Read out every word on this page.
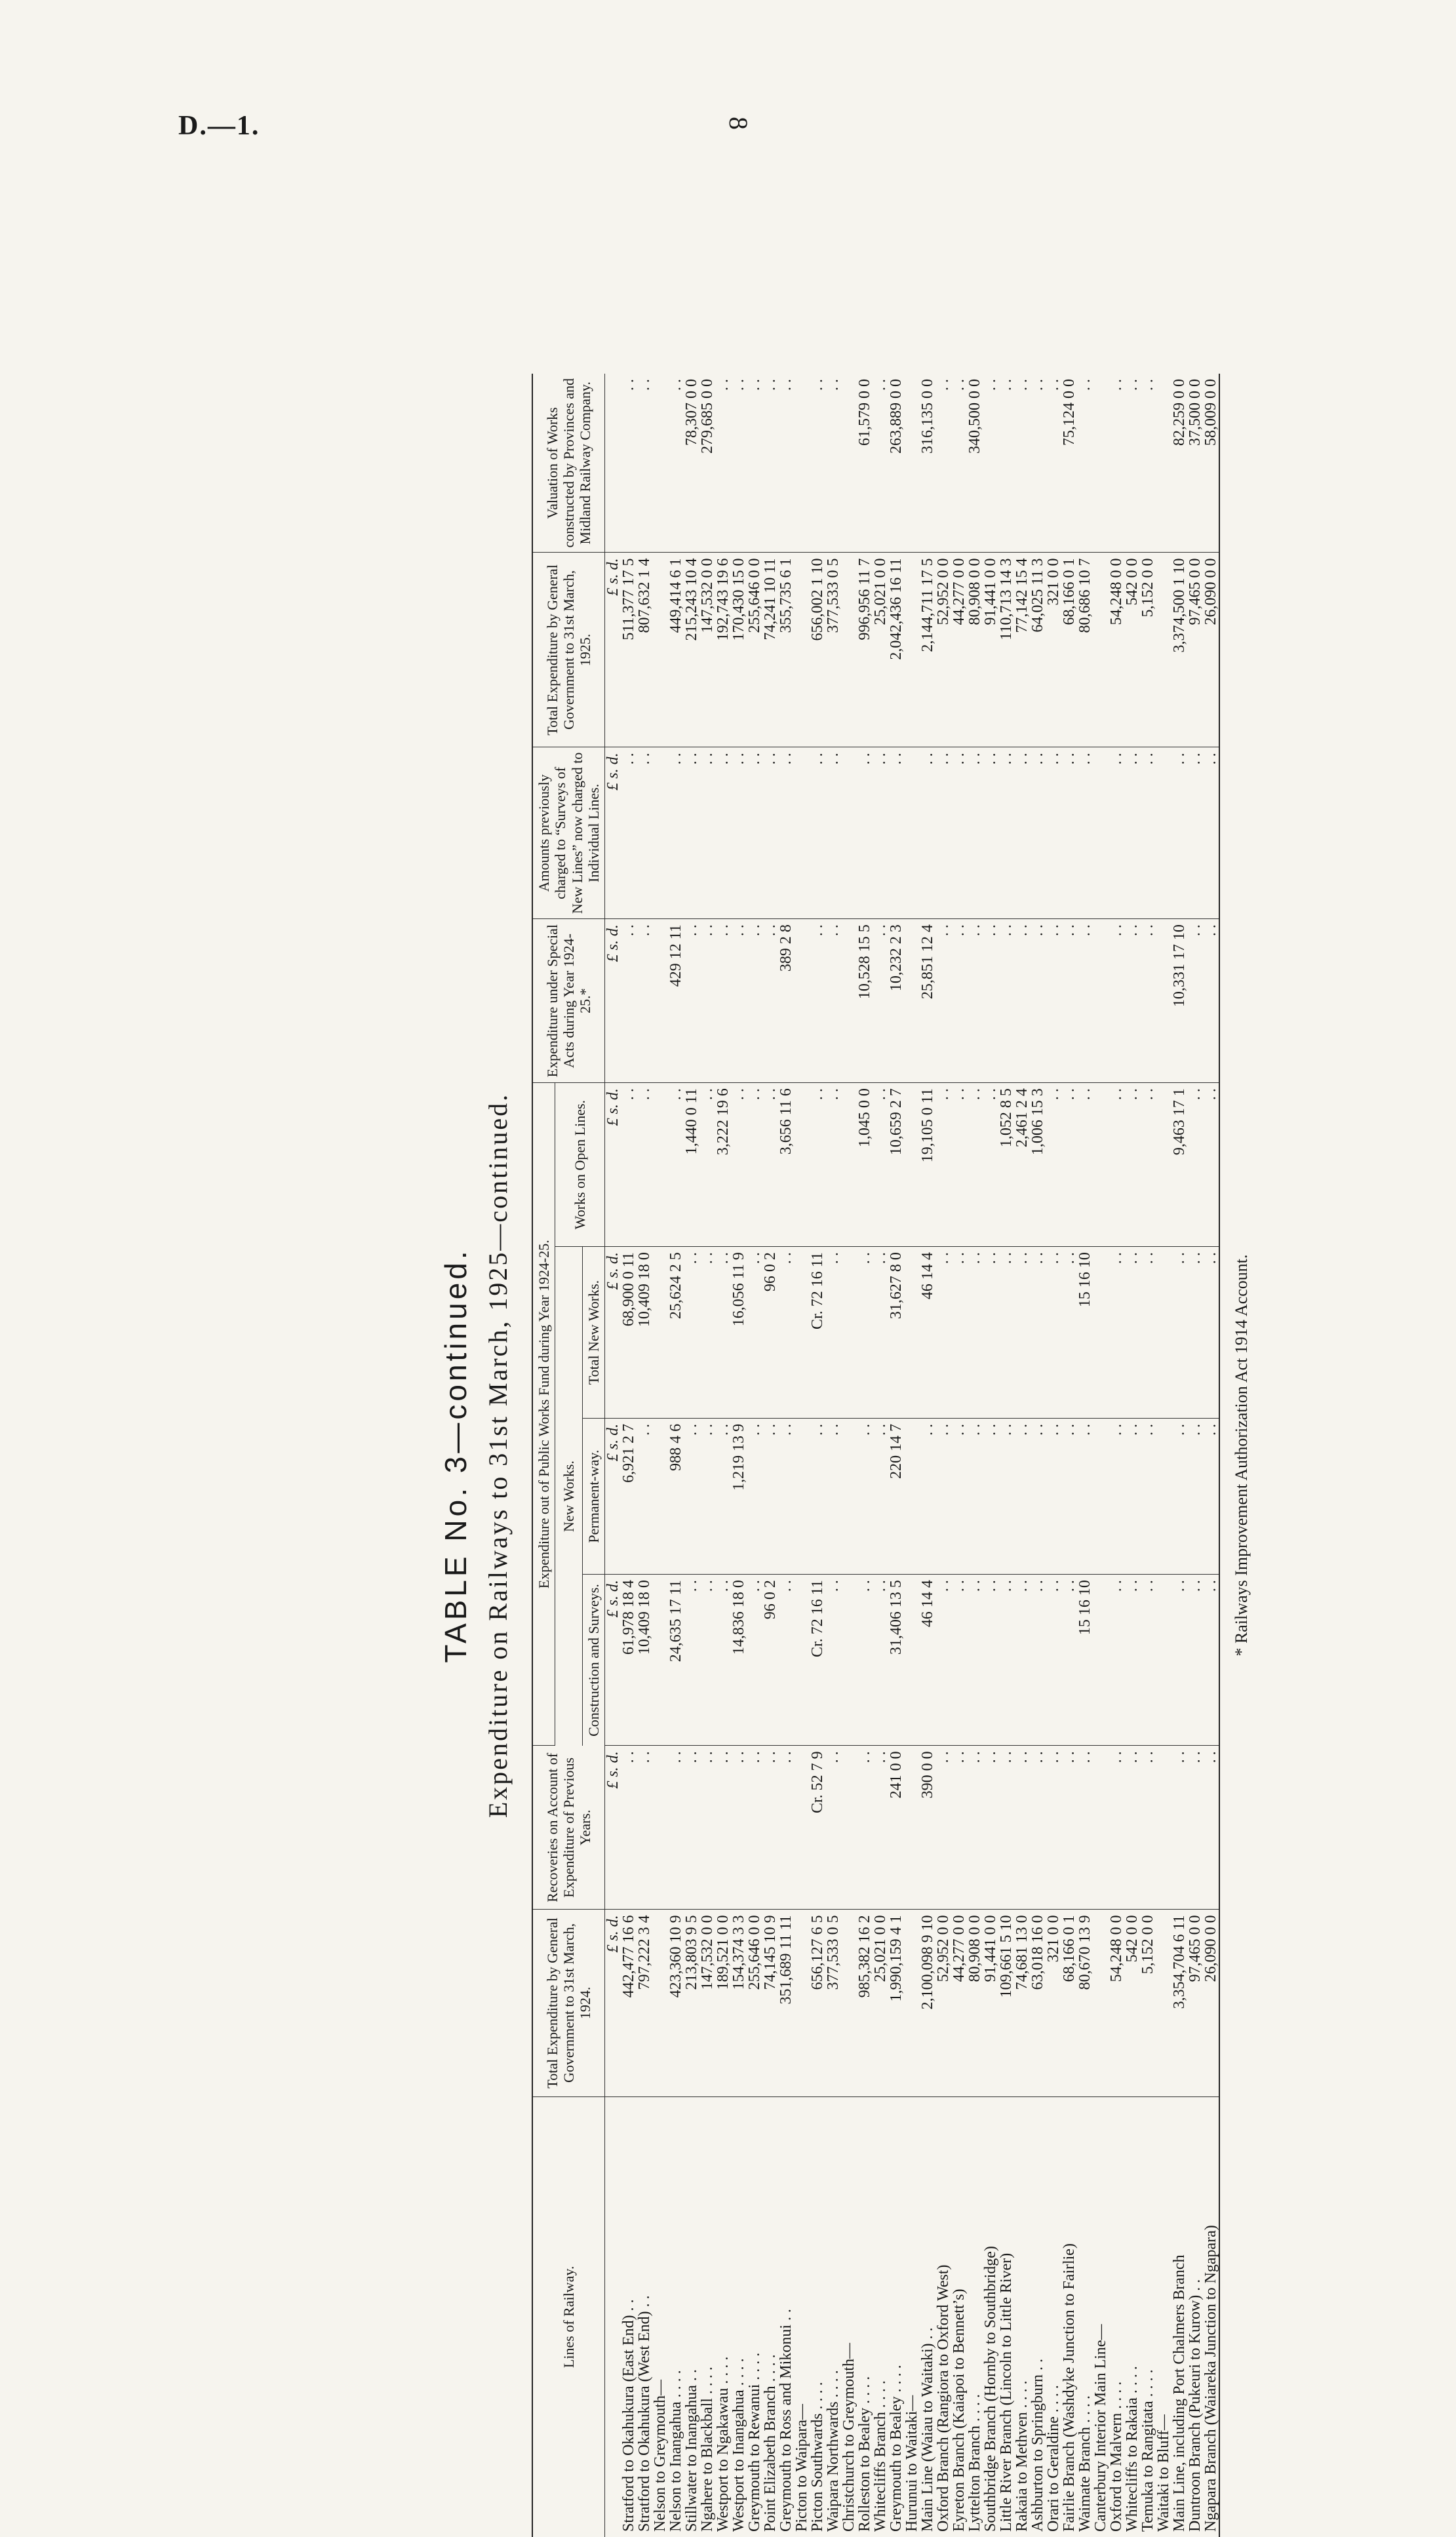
D.—1.	8
TABLE No. 3—continued. Expenditure on Railways to 31st March, 1925—continued.
Lines of Railway.	Total Expenditure by General Government to 31st March, 1924.	Recoveries on Account of Expenditure of Previous Years.	Expenditure out of Public Works Fund during Year 1924-25.				Expenditure under Special Acts during Year 1924-25.*	Amounts previously charged to “Surveys of New Lines” now charged to Individual Lines.	Total Expenditure by General Government to 31st March, 1925.	Valuation of Works constructed by Provinces and Midland Railway Company.
			New Works.			Works on Open Lines.				
			Construction and Surveys.	Permanent-way.	Total New Works.					
	£ s. d.	£ s. d.	£ s. d.	£ s. d.	£ s. d.	£ s. d.	£ s. d.	£ s. d.	£ s. d.	
Stratford to Okahukura (East End) . .	442,477 16 6	. .	61,978 18 4	6,921 2 7	68,900 0 11	. .	. .	. .	511,377 17 5	. .
Stratford to Okahukura (West End) . .	797,222 3 4	. .	10,409 18 0	. .	10,409 18 0	. .	. .	. .	807,632 1 4	. .
Nelson to Greymouth—										
Nelson to Inangahua . . . .	423,360 10 9	. .	24,635 17 11	988 4 6	25,624 2 5	. .	429 12 11	. .	449,414 6 1	. .
Stillwater to Inangahua . .	213,803 9 5	. .	. .	. .	. .	1,440 0 11	. .	. .	215,243 10 4	78,307 0 0
Ngahere to Blackball . . . .	147,532 0 0	. .	. .	. .	. .	. .	. .	. .	147,532 0 0	279,685 0 0
Westport to Ngakawau . . . .	189,521 0 0	. .	. .	. .	. .	3,222 19 6	. .	. .	192,743 19 6	. .
Westport to Inangahua . . . .	154,374 3 3	. .	14,836 18 0	1,219 13 9	16,056 11 9	. .	. .	. .	170,430 15 0	. .
Greymouth to Rewanui . . . .	255,646 0 0	. .	. .	. .	. .	. .	. .	. .	255,646 0 0	. .
Point Elizabeth Branch . . . .	74,145 10 9	. .	96 0 2	. .	96 0 2	. .	. .	. .	74,241 10 11	. .
Greymouth to Ross and Mikonui . .	351,689 11 11	. .	. .	. .	. .	3,656 11 6	389 2 8	. .	355,735 6 1	. .
Picton to Waipara—										
Picton Southwards . . . .	656,127 6 5	Cr. 52 7 9	Cr. 72 16 11	. .	Cr. 72 16 11	. .	. .	. .	656,002 1 10	. .
Waipara Northwards . . . .	377,533 0 5	. .	. .	. .	. .	. .	. .	. .	377,533 0 5	. .
Christchurch to Greymouth—										
Rolleston to Bealey . . . .	985,382 16 2	. .	. .	. .	. .	1,045 0 0	10,528 15 5	. .	996,956 11 7	61,579 0 0
Whitecliffs Branch . . . .	25,021 0 0	. .	. .	. .	. .	. .	. .	. .	25,021 0 0	. .
Greymouth to Bealey . . . .	1,990,159 4 1	241 0 0	31,406 13 5	220 14 7	31,627 8 0	10,659 2 7	10,232 2 3	. .	2,042,436 16 11	263,889 0 0
Hurunui to Waitaki—										
Main Line (Waiau to Waitaki) . .	2,100,098 9 10	390 0 0	46 14 4	. .	46 14 4	19,105 0 11	25,851 12 4	. .	2,144,711 17 5	316,135 0 0
Oxford Branch (Rangiora to Oxford West)	52,952 0 0	. .	. .	. .	. .	. .	. .	. .	52,952 0 0	. .
Eyreton Branch (Kaiapoi to Bennett’s)	44,277 0 0	. .	. .	. .	. .	. .	. .	. .	44,277 0 0	. .
Lyttelton Branch . . . .	80,908 0 0	. .	. .	. .	. .	. .	. .	. .	80,908 0 0	340,500 0 0
Southbridge Branch (Hornby to Southbridge)	91,441 0 0	. .	. .	. .	. .	. .	. .	. .	91,441 0 0	. .
Little River Branch (Lincoln to Little River)	109,661 5 10	. .	. .	. .	. .	1,052 8 5	. .	. .	110,713 14 3	. .
Rakaia to Methven . . . .	74,681 13 0	. .	. .	. .	. .	2,461 2 4	. .	. .	77,142 15 4	. .
Ashburton to Springburn . .	63,018 16 0	. .	. .	. .	. .	1,006 15 3	. .	. .	64,025 11 3	. .
Orari to Geraldine . . . .	321 0 0	. .	. .	. .	. .	. .	. .	. .	321 0 0	. .
Fairlie Branch (Washdyke Junction to Fairlie)	68,166 0 1	. .	. .	. .	. .	. .	. .	. .	68,166 0 1	75,124 0 0
Waimate Branch . . . .	80,670 13 9	. .	15 16 10	. .	15 16 10	. .	. .	. .	80,686 10 7	. .
Canterbury Interior Main Line—										
Oxford to Malvern . . . .	54,248 0 0	. .	. .	. .	. .	. .	. .	. .	54,248 0 0	. .
Whitecliffs to Rakaia . . . .	542 0 0	. .	. .	. .	. .	. .	. .	. .	542 0 0	. .
Temuka to Rangitata . . . .	5,152 0 0	. .	. .	. .	. .	. .	. .	. .	5,152 0 0	. .
Waitaki to Bluff—										
Main Line, including Port Chalmers Branch	3,354,704 6 11	. .	. .	. .	. .	9,463 17 1	10,331 17 10	. .	3,374,500 1 10	82,259 0 0
Duntroon Branch (Pukeuri to Kurow) . .	97,465 0 0	. .	. .	. .	. .	. .	. .	. .	97,465 0 0	37,500 0 0
Ngapara Branch (Waiareka Junction to Ngapara)	26,090 0 0	. .	. .	. .	. .	. .	. .	. .	26,090 0 0	58,009 0 0
* Railways Improvement Authorization Act 1914 Account.
